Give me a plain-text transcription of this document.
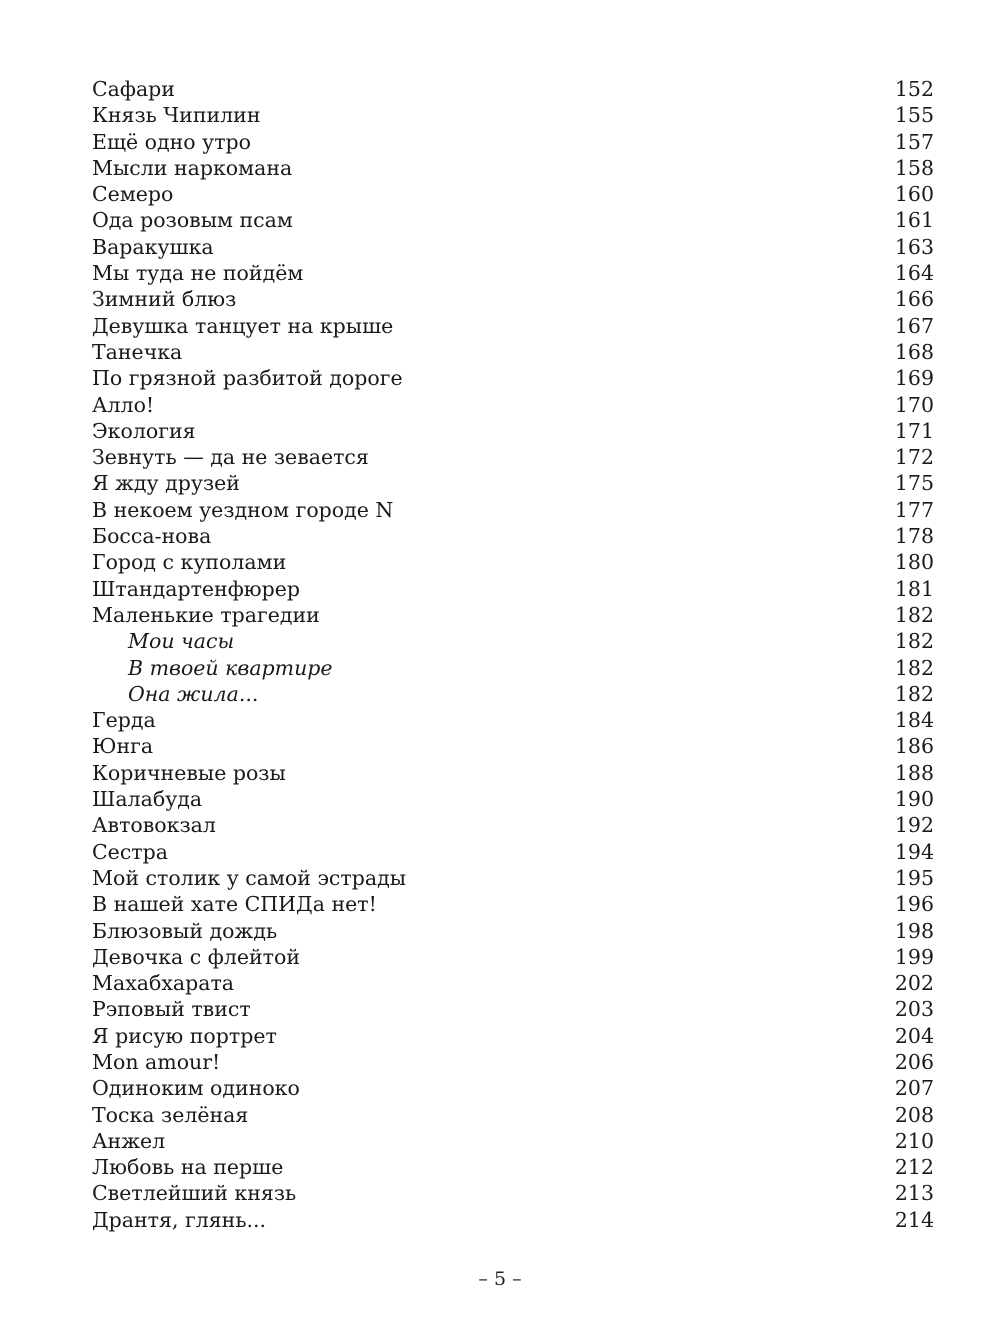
Сафари	152
Князь Чипилин	155
Ещё одно утро	157
Мысли наркомана	158
Семеро	160
Ода розовым псам	161
Варакушка	163
Мы туда не пойдём	164
Зимний блюз	166
Девушка танцует на крыше	167
Танечка	168
По грязной разбитой дороге	169
Алло!	170
Экология	171
Зевнуть — да не зевается	172
Я жду друзей	175
В некоем уездном городе N	177
Босса-нова	178
Город с куполами	180
Штандартенфюрер	181
Маленькие трагедии	182
Мои часы	182
В твоей квартире	182
Она жила...	182
Герда	184
Юнга	186
Коричневые розы	188
Шалабуда	190
Автовокзал	192
Сестра	194
Мой столик у самой эстрады	195
В нашей хате СПИДа нет!	196
Блюзовый дождь	198
Девочка с флейтой	199
Махабхарата	202
Рэповый твист	203
Я рисую портрет	204
Mon amour!	206
Одиноким одиноко	207
Тоска зелёная	208
Анжел	210
Любовь на перше	212
Светлейший князь	213
Дрантя, глянь...	214
– 5 –
